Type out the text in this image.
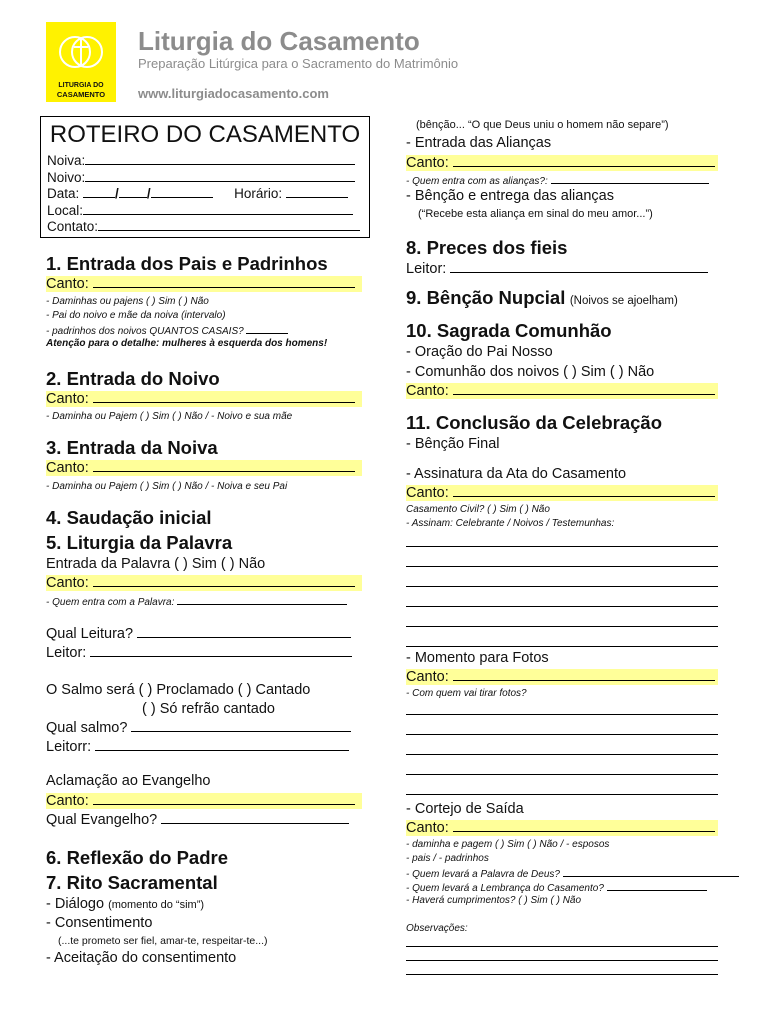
LITURGIA DO
CASAMENTO
Liturgia do Casamento
Preparação Litúrgica para o Sacramento do Matrimônio
www.liturgiadocasamento.com
ROTEIRO DO CASAMENTO
Noiva:
Noivo:
Data:	/ /	Horário:
Local:
Contato:
1. Entrada dos Pais e Padrinhos
Canto:
- Daminhas ou pajens ( ) Sim ( ) Não
- Pai do noivo e mãe da noiva (intervalo)
- padrinhos dos noivos QUANTOS CASAIS?
Atenção para o detalhe: mulheres à esquerda dos homens!
2. Entrada do Noivo
Canto:
- Daminha ou Pajem ( ) Sim ( ) Não / - Noivo e sua mãe
3. Entrada da Noiva
Canto:
- Daminha ou Pajem ( ) Sim ( ) Não / - Noiva e seu Pai
4. Saudação inicial
5. Liturgia da Palavra
Entrada da Palavra ( ) Sim ( ) Não
Canto:
- Quem entra com a Palavra:
Qual Leitura?
Leitor:
O Salmo será ( ) Proclamado ( ) Cantado
( ) Só refrão cantado
Qual salmo?
Leitorr:
Aclamação ao Evangelho
Canto:
Qual Evangelho?
6. Reflexão do Padre
7. Rito Sacramental
- Diálogo (momento do “sim”)
- Consentimento
(...te prometo ser fiel, amar-te, respeitar-te...)
- Aceitação do consentimento
(bênção... “O que Deus uniu o homem não separe”)
- Entrada das Alianças
Canto:
- Quem entra com as alianças?:
- Bênção e entrega das alianças
(“Recebe esta aliança em sinal do meu amor...”)
8. Preces dos fieis
Leitor:
9. Bênção Nupcial (Noivos se ajoelham)
10. Sagrada Comunhão
- Oração do Pai Nosso
- Comunhão dos noivos ( ) Sim ( ) Não
Canto:
11. Conclusão da Celebração
- Bênção Final
- Assinatura da Ata do Casamento
Canto:
Casamento Civil? ( ) Sim ( ) Não
- Assinam: Celebrante / Noivos / Testemunhas:
- Momento para Fotos
Canto:
- Com quem vai tirar fotos?
- Cortejo de Saída
Canto:
- daminha e pagem ( ) Sim ( ) Não / - esposos
- pais / - padrinhos
- Quem levará a Palavra de Deus?
- Quem levará a Lembrança do Casamento?
- Haverá cumprimentos? ( ) Sim ( ) Não
Observações:
